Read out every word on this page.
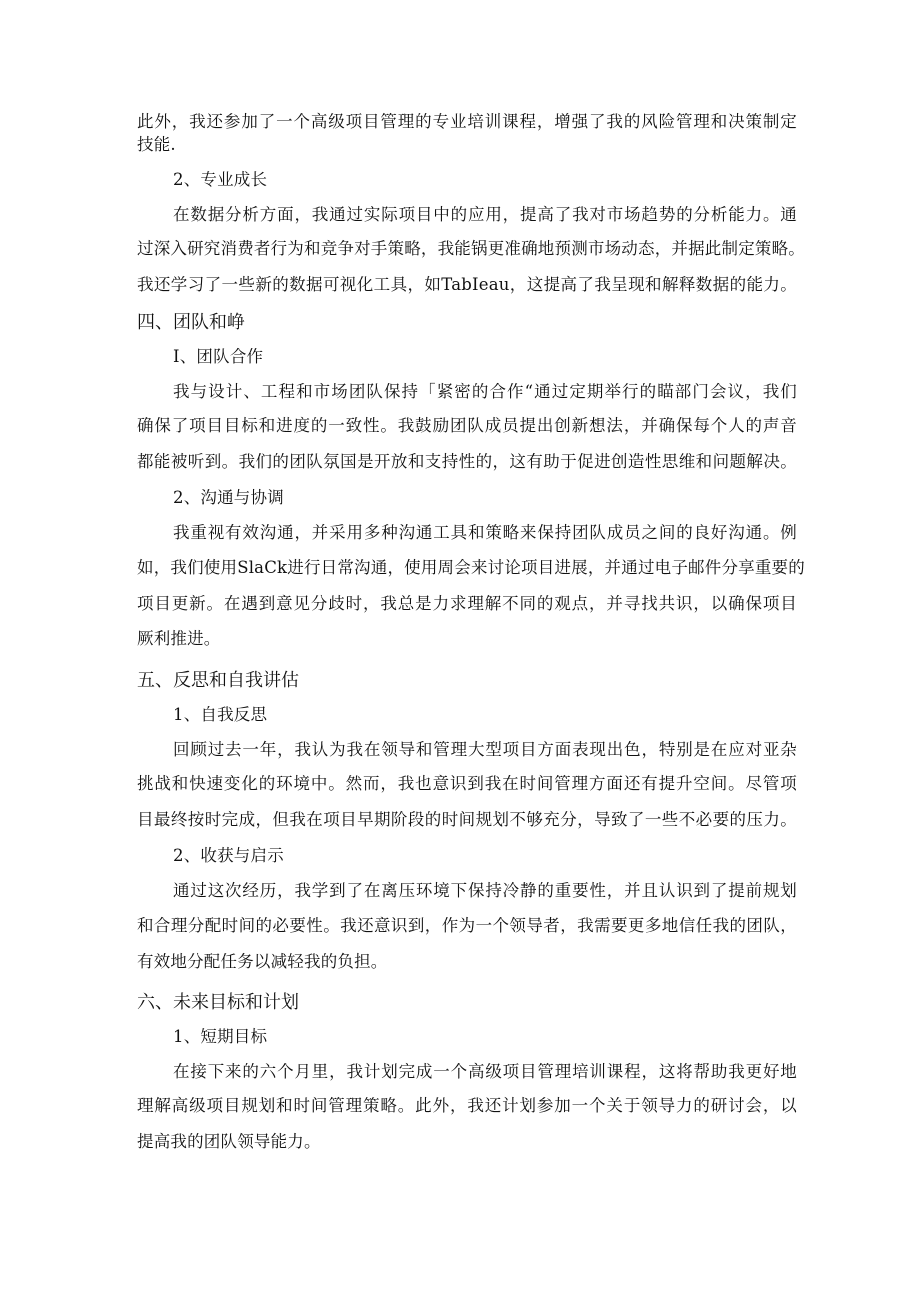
此外，我还参加了一个高级项目管理的专业培训课程，增强了我的风险管理和决策制定
技能.
2、专业成长
在数据分析方面，我通过实际项目中的应用，提高了我对市场趋势的分析能力。通
过深入研究消费者行为和竞争对手策略，我能锅更准确地预测市场动态，并据此制定策略。
我还学习了一些新的数据可视化工具，如TabIeau，这提高了我呈现和解释数据的能力。
四、团队和峥
I、团队合作
我与设计、工程和市场团队保持「紧密的合作“通过定期举行的瞄部门会议，我们
确保了项目目标和进度的一致性。我鼓励团队成员提出创新想法，并确保每个人的声音
都能被听到。我们的团队氛国是开放和支持性的，这有助于促进创造性思维和问题解决。
2、沟通与协调
我重视有效沟通，并采用多种沟通工具和策略来保持团队成员之间的良好沟通。例
如，我们使用SlaCk进行日常沟通，使用周会来讨论项目进展，并通过电子邮件分享重要的
项目更新。在遇到意见分歧时，我总是力求理解不同的观点，并寻找共识，以确保项目
厥利推进。
五、反思和自我讲估
1、自我反思
回顾过去一年，我认为我在领导和管理大型项目方面表现出色，特别是在应对亚杂
挑战和快速变化的环境中。然而，我也意识到我在时间管理方面还有提升空间。尽管项
目最终按时完成，但我在项目早期阶段的时间规划不够充分，导致了一些不必要的压力。
2、收获与启示
通过这次经历，我学到了在离压环境下保持冷静的重要性，并且认识到了提前规划
和合理分配时间的必要性。我还意识到，作为一个领导者，我需要更多地信任我的团队，
有效地分配任务以减轻我的负担。
六、未来目标和计划
1、短期目标
在接下来的六个月里，我计划完成一个高级项目管理培训课程，这将帮助我更好地
理解高级项目规划和时间管理策略。此外，我还计划参加一个关于领导力的研讨会，以
提高我的团队领导能力。
